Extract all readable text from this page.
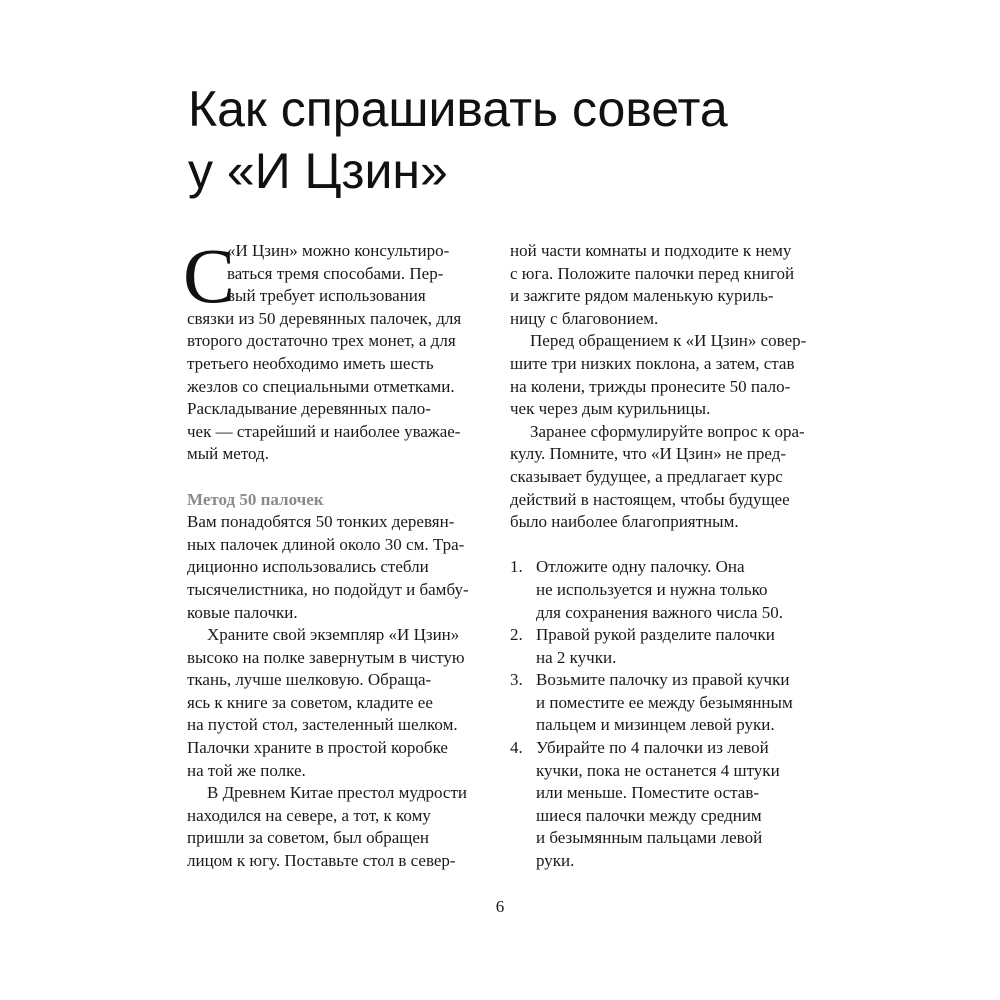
Как спрашивать совета
у «И Цзин»
С
«И Цзин» можно консультиро-
ваться тремя способами. Пер-
вый требует использования
связки из 50 деревянных палочек, для
второго достаточно трех монет, а для
третьего необходимо иметь шесть
жезлов со специальными отметками.
Раскладывание деревянных пало-
чек — старейший и наиболее уважае-
мый метод.
Метод 50 палочек
Вам понадобятся 50 тонких деревян-
ных палочек длиной около 30 см. Тра-
диционно использовались стебли
тысячелистника, но подойдут и бамбу-
ковые палочки.
Храните свой экземпляр «И Цзин»
высоко на полке завернутым в чистую
ткань, лучше шелковую. Обраща-
ясь к книге за советом, кладите ее
на пустой стол, застеленный шелком.
Палочки храните в простой коробке
на той же полке.
В Древнем Китае престол мудрости
находился на севере, а тот, к кому
пришли за советом, был обращен
лицом к югу. Поставьте стол в север-
ной части комнаты и подходите к нему
с юга. Положите палочки перед книгой
и зажгите рядом маленькую куриль-
ницу с благовонием.
Перед обращением к «И Цзин» совер-
шите три низких поклона, а затем, став
на колени, трижды пронесите 50 пало-
чек через дым курильницы.
Заранее сформулируйте вопрос к ора-
кулу. Помните, что «И Цзин» не пред-
сказывает будущее, а предлагает курс
действий в настоящем, чтобы будущее
было наиболее благоприятным.
1. Отложите одну палочку. Она
не используется и нужна только
для сохранения важного числа 50.
2. Правой рукой разделите палочки
на 2 кучки.
3. Возьмите палочку из правой кучки
и поместите ее между безымянным
пальцем и мизинцем левой руки.
4. Убирайте по 4 палочки из левой
кучки, пока не останется 4 штуки
или меньше. Поместите остав-
шиеся палочки между средним
и безымянным пальцами левой
руки.
6
